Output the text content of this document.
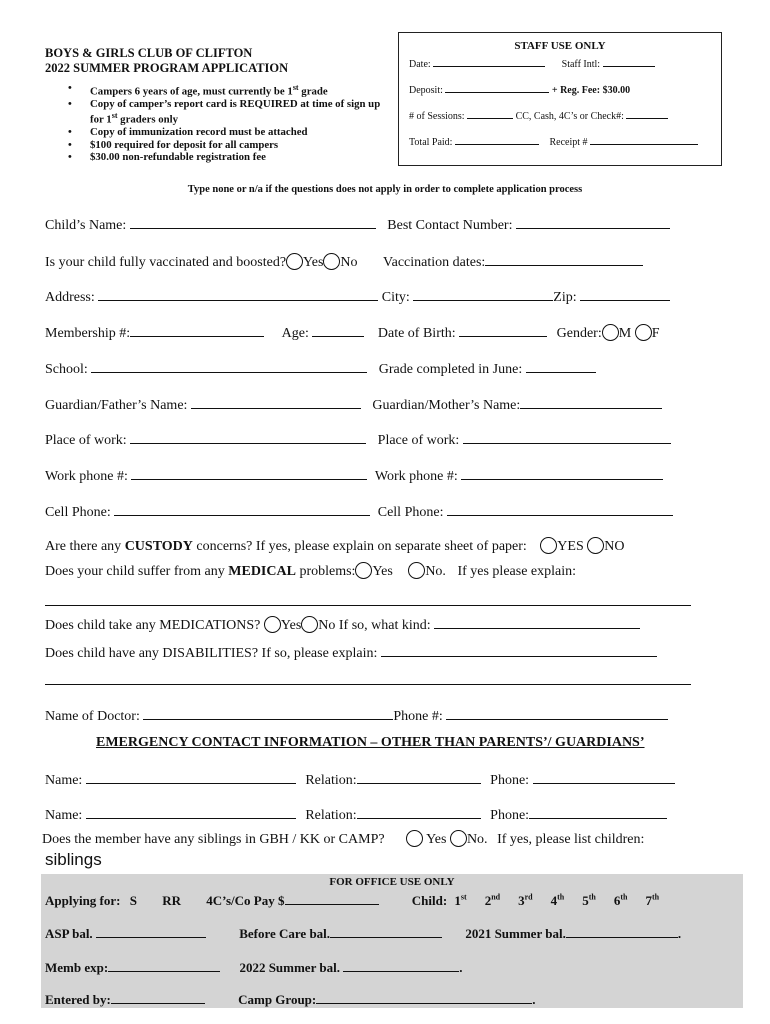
BOYS & GIRLS CLUB OF CLIFTON
2022 SUMMER PROGRAM APPLICATION
• Campers 6 years of age, must currently be 1st grade
• Copy of camper’s report card is REQUIRED at time of sign up for 1st graders only
• Copy of immunization record must be attached
• $100 required for deposit for all campers
• $30.00 non-refundable registration fee
STAFF USE ONLY
Date:	Staff Intl:
Deposit:	+ Reg. Fee: $30.00
# of Sessions:	CC, Cash, 4C’s or Check#:
Total Paid:	Receipt #
Type none or n/a if the questions does not apply in order to complete application process
Child’s Name:	Best Contact Number:
Is your child fully vaccinated and boosted? Yes No Vaccination dates:
Address:	City:	Zip:
Membership #:	Age:	Date of Birth:	Gender: M F
School:	Grade completed in June:
Guardian/Father’s Name:	Guardian/Mother’s Name:
Place of work:	Place of work:
Work phone #:	Work phone #:
Cell Phone:	Cell Phone:
Are there any CUSTODY concerns? If yes, please explain on separate sheet of paper: YES NO
Does your child suffer from any MEDICAL problems: Yes No. If yes please explain:
Does child take any MEDICATIONS? Yes No If so, what kind:
Does child have any DISABILITIES? If so, please explain:
Name of Doctor:	Phone #:
EMERGENCY CONTACT INFORMATION – OTHER THAN PARENTS’/ GUARDIANS’
Name:	Relation:	Phone:
Name:	Relation:	Phone:
Does the member have any siblings in GBH / KK or CAMP?	Yes No. If yes, please list children:
siblings
FOR OFFICE USE ONLY
Applying for: S RR 4C’s/Co Pay $	Child: 1st 2nd 3rd 4th 5th 6th 7th
ASP bal.	Before Care bal.	2021 Summer bal.	.
Memb exp:	2022 Summer bal.	.
Entered by:	Camp Group:	.
